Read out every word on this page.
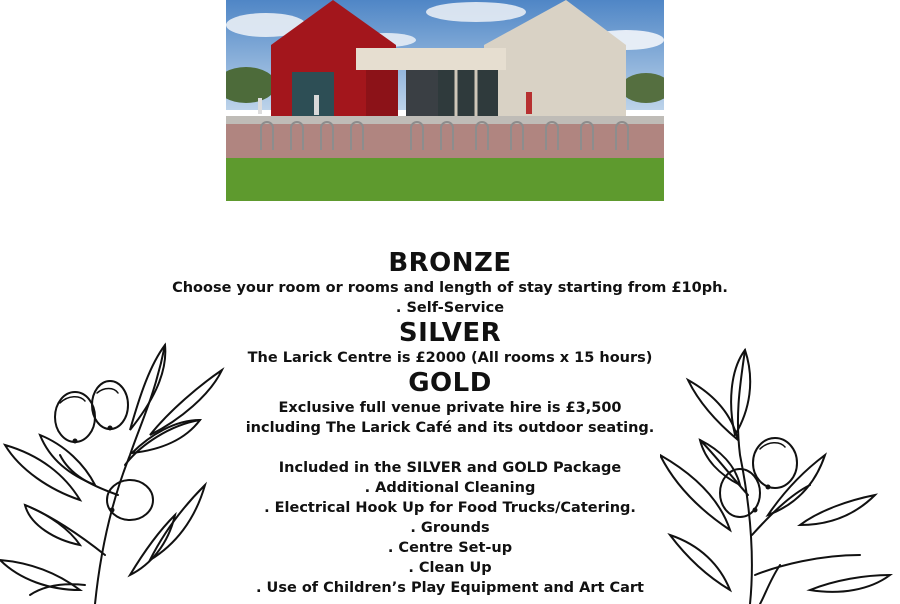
BRONZE
Choose your room or rooms and length of stay starting from £10ph.
. Self-Service
SILVER
The Larick Centre is £2000 (All rooms x 15 hours)
GOLD
Exclusive full venue private hire is £3,500
including The Larick Café and its outdoor seating.
Included in the SILVER and GOLD Package
. Additional Cleaning
. Electrical Hook Up for Food Trucks/Catering.
. Grounds
. Centre Set-up
. Clean Up
. Use of Children’s Play Equipment and Art Cart
